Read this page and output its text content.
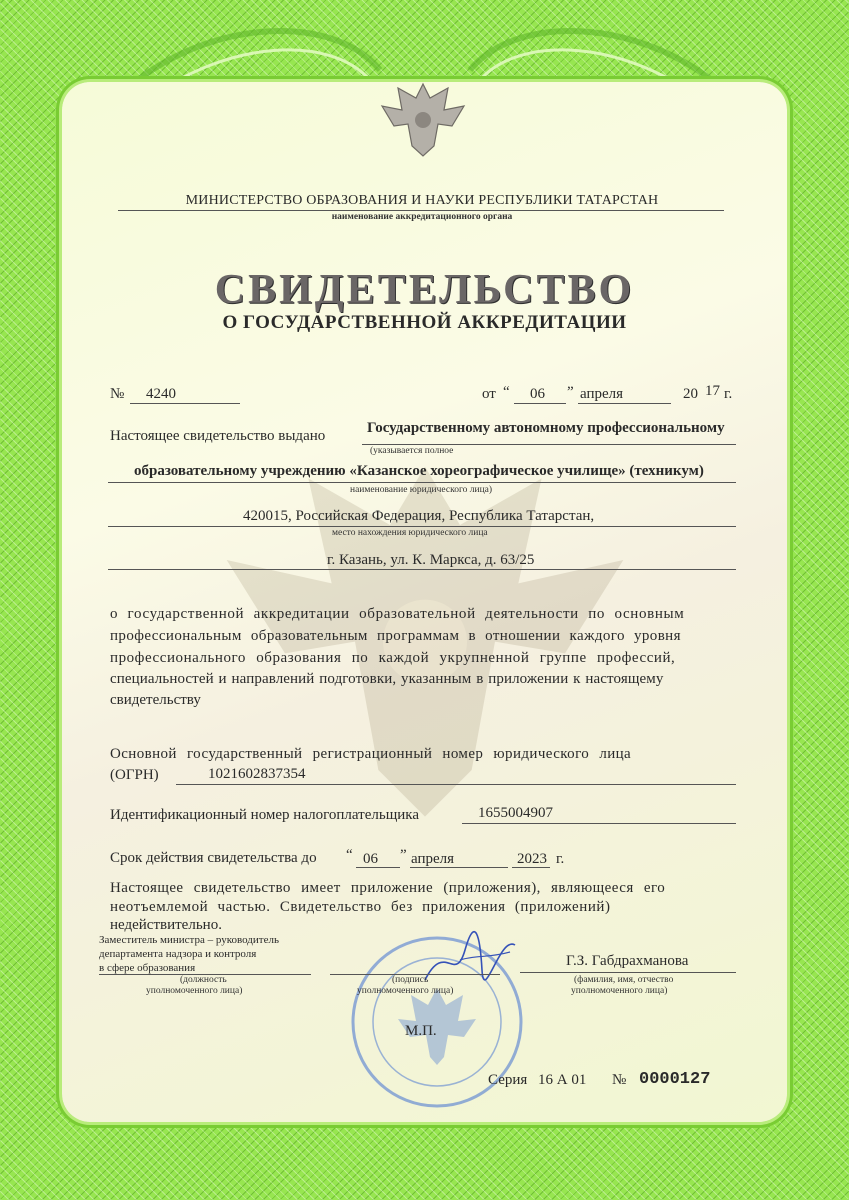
МИНИСТЕРСТВО ОБРАЗОВАНИЯ И НАУКИ РЕСПУБЛИКИ ТАТАРСТАН
наименование аккредитационного органа
СВИДЕТЕЛЬСТВО
О ГОСУДАРСТВЕННОЙ АККРЕДИТАЦИИ
№ 4240	от “ 06 ” апреля	20 17 г.
Настоящее свидетельство выдано	Государственному автономному профессиональному
(указывается полное
образовательному учреждению «Казанское хореографическое училище» (техникум)
наименование юридического лица)
420015, Российская Федерация, Республика Татарстан,
место нахождения юридического лица
г. Казань, ул. К. Маркса, д. 63/25
о государственной аккредитации образовательной деятельности по основным
профессиональным образовательным программам в отношении каждого уровня
профессионального образования по каждой укрупненной группе профессий,
специальностей и направлений подготовки, указанным в приложении к настоящему
свидетельству
Основной государственный регистрационный номер юридического лица
(ОГРН)	1021602837354
Идентификационный номер налогоплательщика	1655004907
Срок действия свидетельства до “ 06 ” апреля	2023 г.
Настоящее свидетельство имеет приложение (приложения), являющееся его
неотъемлемой частью. Свидетельство без приложения (приложений)
недействительно.
Заместитель министра – руководитель
департамента надзора и контроля
в сфере образования
(должность
уполномоченного лица)
(подпись
уполномоченного лица)
Г.З. Габдрахманова
(фамилия, имя, отчество
уполномоченного лица)
М.П.
Серия 16 А 01 № 0000127
